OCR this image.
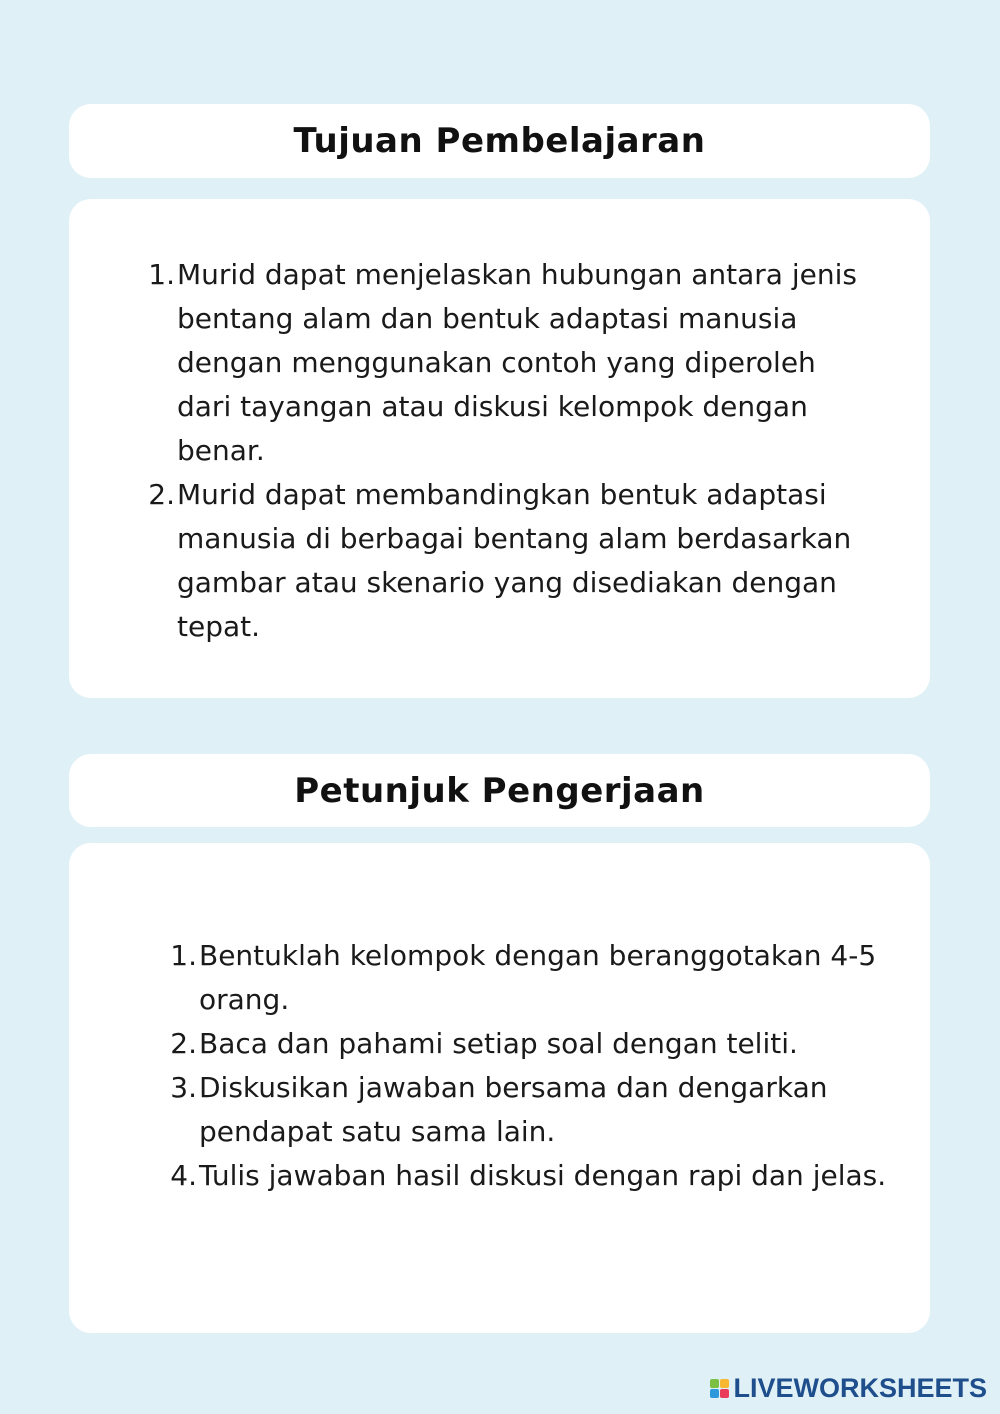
Tujuan Pembelajaran
1. Murid dapat menjelaskan hubungan antara jenis bentang alam dan bentuk adaptasi manusia dengan menggunakan contoh yang diperoleh dari tayangan atau diskusi kelompok dengan benar.
2. Murid dapat membandingkan bentuk adaptasi manusia di berbagai bentang alam berdasarkan gambar atau skenario yang disediakan dengan tepat.
Petunjuk Pengerjaan
1. Bentuklah kelompok dengan beranggotakan 4-5 orang.
2. Baca dan pahami setiap soal dengan teliti.
3. Diskusikan jawaban bersama dan dengarkan pendapat satu sama lain.
4. Tulis jawaban hasil diskusi dengan rapi dan jelas.
LIVEWORKSHEETS
